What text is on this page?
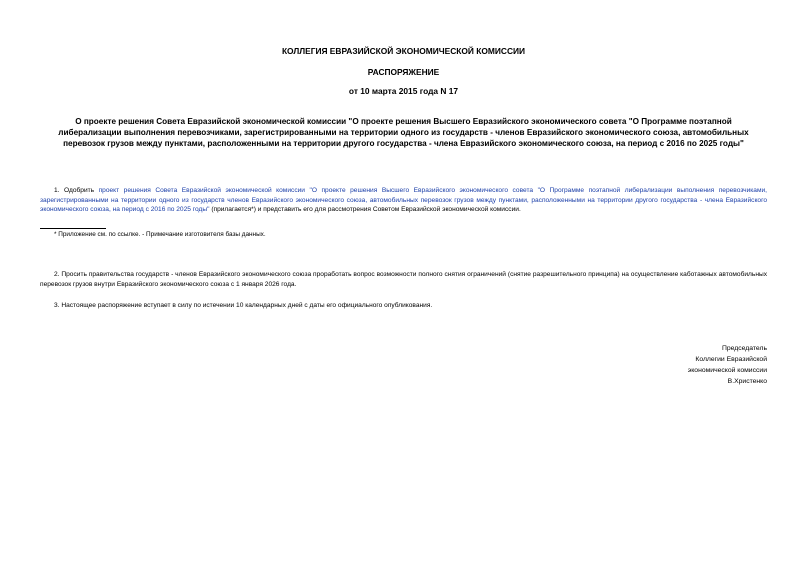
КОЛЛЕГИЯ ЕВРАЗИЙСКОЙ ЭКОНОМИЧЕСКОЙ КОМИССИИ

РАСПОРЯЖЕНИЕ

от 10 марта 2015 года N 17

О проекте решения Совета Евразийской экономической комиссии "О проекте решения Высшего Евразийского экономического совета "О Программе поэтапной либерализации выполнения перевозчиками, зарегистрированными на территории одного из государств - членов Евразийского экономического союза, автомобильных перевозок грузов между пунктами, расположенными на территории другого государства - члена Евразийского экономического союза, на период с 2016 по 2025 годы"

1. Одобрить проект решения Совета Евразийской экономической комиссии "О проекте решения Высшего Евразийского экономического совета "О Программе поэтапной либерализации выполнения перевозчиками, зарегистрированными на территории одного из государств членов Евразийского экономического союза, автомобильных перевозок грузов между пунктами, расположенными на территории другого государства - члена Евразийского экономического союза, на период с 2016 по 2025 годы" (прилагается*) и представить его для рассмотрения Советом Евразийской экономической комиссии.

* Приложение см. по ссылке. - Примечание изготовителя базы данных.

2. Просить правительства государств - членов Евразийского экономического союза проработать вопрос возможности полного снятия ограничений (снятие разрешительного принципа) на осуществление каботажных автомобильных перевозок грузов внутри Евразийского экономического союза с 1 января 2026 года.

3. Настоящее распоряжение вступает в силу по истечении 10 календарных дней с даты его официального опубликования.

Председатель
Коллегии Евразийской
экономической комиссии
В.Христенко
